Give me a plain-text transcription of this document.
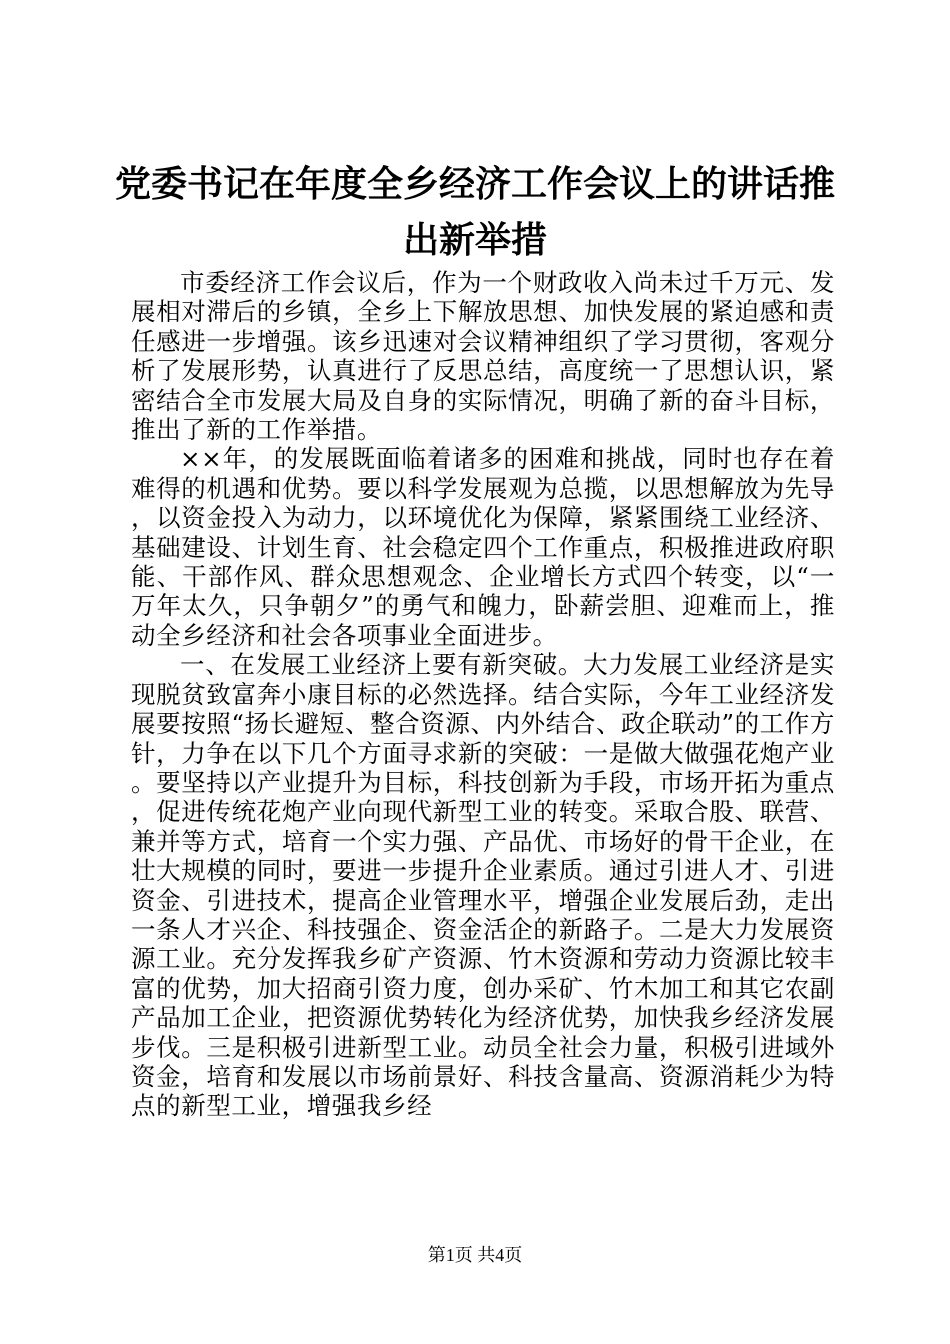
党委书记在年度全乡经济工作会议上的讲话推
出新举措

市委经济工作会议后，作为一个财政收入尚未过千万元、发展相对滞后的乡镇，全乡上下解放思想、加快发展的紧迫感和责任感进一步增强。该乡迅速对会议精神组织了学习贯彻，客观分析了发展形势，认真进行了反思总结，高度统一了思想认识，紧密结合全市发展大局及自身的实际情况，明确了新的奋斗目标，推出了新的工作举措。

××年，的发展既面临着诸多的困难和挑战，同时也存在着难得的机遇和优势。要以科学发展观为总揽，以思想解放为先导，以资金投入为动力，以环境优化为保障，紧紧围绕工业经济、基础建设、计划生育、社会稳定四个工作重点，积极推进政府职能、干部作风、群众思想观念、企业增长方式四个转变，以“一万年太久，只争朝夕”的勇气和魄力，卧薪尝胆、迎难而上，推动全乡经济和社会各项事业全面进步。

一、在发展工业经济上要有新突破。大力发展工业经济是实现脱贫致富奔小康目标的必然选择。结合实际，今年工业经济发展要按照“扬长避短、整合资源、内外结合、政企联动”的工作方针，力争在以下几个方面寻求新的突破：一是做大做强花炮产业。要坚持以产业提升为目标，科技创新为手段，市场开拓为重点，促进传统花炮产业向现代新型工业的转变。采取合股、联营、兼并等方式，培育一个实力强、产品优、市场好的骨干企业，在壮大规模的同时，要进一步提升企业素质。通过引进人才、引进资金、引进技术，提高企业管理水平，增强企业发展后劲，走出一条人才兴企、科技强企、资金活企的新路子。二是大力发展资源工业。充分发挥我乡矿产资源、竹木资源和劳动力资源比较丰富的优势，加大招商引资力度，创办采矿、竹木加工和其它农副产品加工企业，把资源优势转化为经济优势，加快我乡经济发展步伐。三是积极引进新型工业。动员全社会力量，积极引进域外资金，培育和发展以市场前景好、科技含量高、资源消耗少为特点的新型工业，增强我乡经

第1页 共4页
